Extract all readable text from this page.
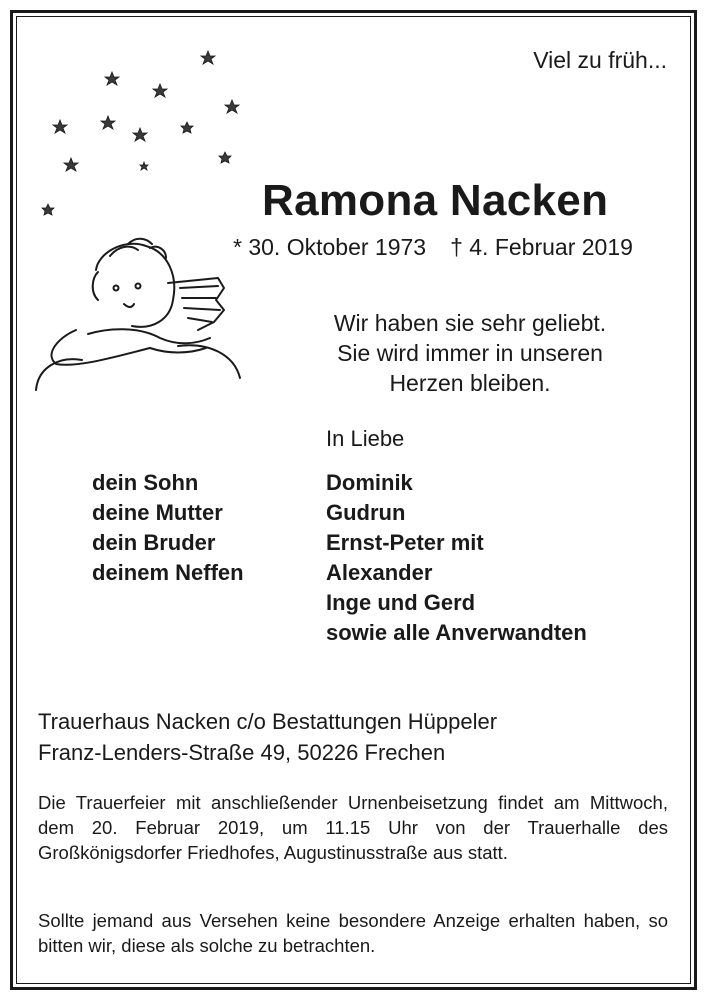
Viel zu früh...
Ramona Nacken
* 30. Oktober 1973 † 4. Februar 2019
Wir haben sie sehr geliebt.
Sie wird immer in unseren
Herzen bleiben.
In Liebe
dein Sohn
deine Mutter
dein Bruder
deinem Neffen
Dominik
Gudrun
Ernst-Peter mit
Alexander
Inge und Gerd
sowie alle Anverwandten
Trauerhaus Nacken c/o Bestattungen Hüppeler
Franz-Lenders-Straße 49, 50226 Frechen
Die Trauerfeier mit anschließender Urnenbeisetzung findet am Mittwoch, dem 20. Februar 2019, um 11.15 Uhr von der Trauerhalle des Großkönigsdorfer Friedhofes, Augustinusstraße aus statt.
Sollte jemand aus Versehen keine besondere Anzeige erhalten haben, so bitten wir, diese als solche zu betrachten.
